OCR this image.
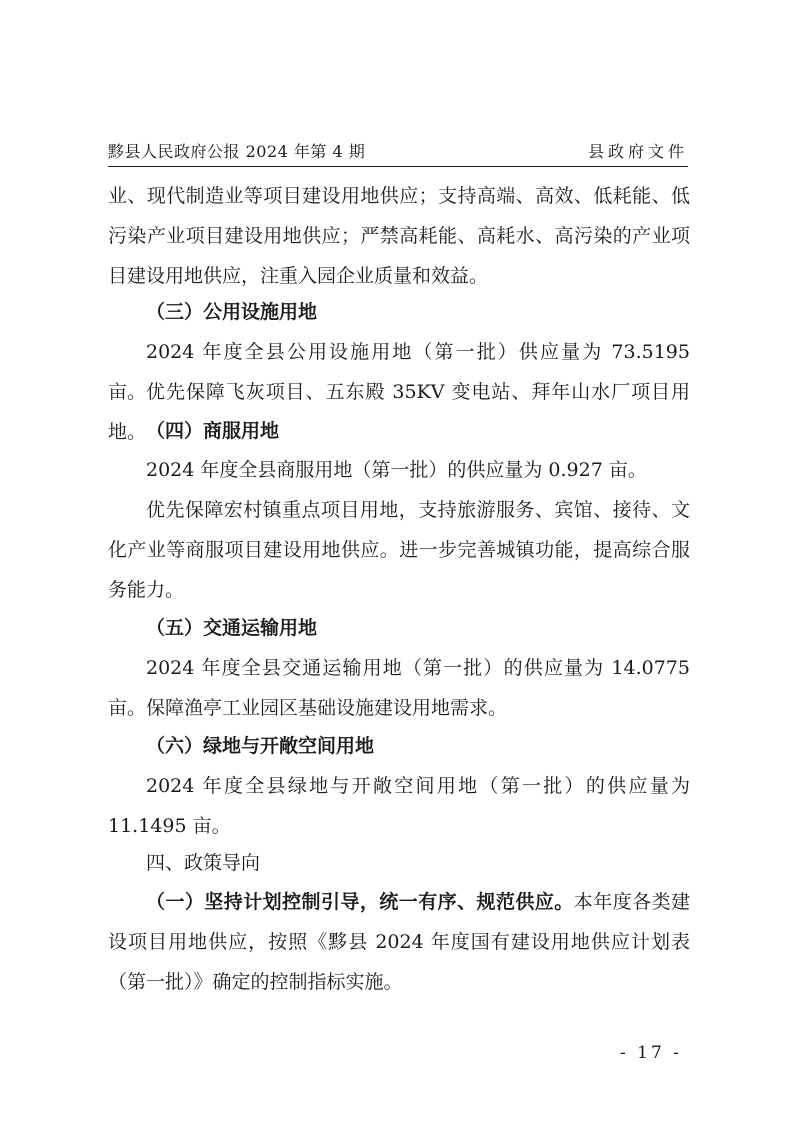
黟县人民政府公报 2024 年第 4 期	县政府文件

业、现代制造业等项目建设用地供应；支持高端、高效、低耗能、低污染产业项目建设用地供应；严禁高耗能、高耗水、高污染的产业项目建设用地供应，注重入园企业质量和效益。

（三）公用设施用地

2024 年度全县公用设施用地（第一批）供应量为 73.5195 亩。 优先保障飞灰项目、五东殿 35KV 变电站、拜年山水厂项目用地。 （四）商服用地

2024 年度全县商服用地（第一批）的供应量为 0.927 亩。

优先保障宏村镇重点项目用地，支持旅游服务、宾馆、接待、文化产业等商服项目建设用地供应。进一步完善城镇功能，提高综合服务能力。

（五）交通运输用地

2024 年度全县交通运输用地（第一批）的供应量为 14.0775 亩。保障渔亭工业园区基础设施建设用地需求。

（六）绿地与开敞空间用地

2024 年度全县绿地与开敞空间用地（第一批）的供应量为 11.1495 亩。

四、政策导向

（一）坚持计划控制引导，统一有序、规范供应。本年度各类建设项目用地供应，按照《黟县 2024 年度国有建设用地供应计划表（第一批）》确定的控制指标实施。

- 17 -
